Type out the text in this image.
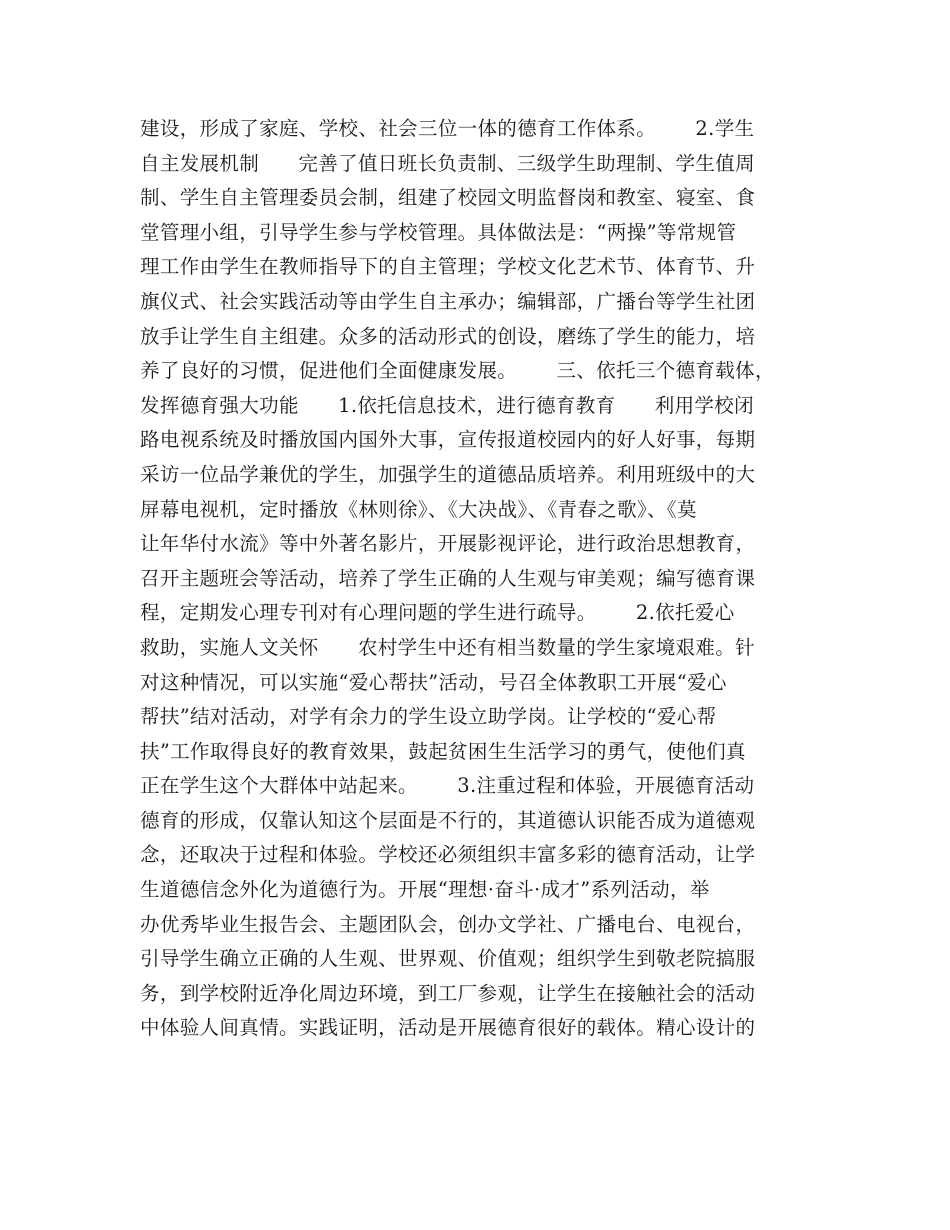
建设，形成了家庭、学校、社会三位一体的德育工作体系。      2.学生
自主发展机制      完善了值日班长负责制、三级学生助理制、学生值周
制、学生自主管理委员会制，组建了校园文明监督岗和教室、寝室、食
堂管理小组，引导学生参与学校管理。具体做法是：“两操”等常规管
理工作由学生在教师指导下的自主管理；学校文化艺术节、体育节、升
旗仪式、社会实践活动等由学生自主承办；编辑部，广播台等学生社团
放手让学生自主组建。众多的活动形式的创设，磨练了学生的能力，培
养了良好的习惯，促进他们全面健康发展。      三、依托三个德育载体，
发挥德育强大功能      1.依托信息技术，进行德育教育      利用学校闭
路电视系统及时播放国内国外大事，宣传报道校园内的好人好事，每期
采访一位品学兼优的学生，加强学生的道德品质培养。利用班级中的大
屏幕电视机，定时播放《林则徐》、《大决战》、《青春之歌》、《莫
让年华付水流》等中外著名影片，开展影视评论，进行政治思想教育，
召开主题班会等活动，培养了学生正确的人生观与审美观；编写德育课
程，定期发心理专刊对有心理问题的学生进行疏导。      2.依托爱心
救助，实施人文关怀      农村学生中还有相当数量的学生家境艰难。针
对这种情况，可以实施“爱心帮扶”活动，号召全体教职工开展“爱心
帮扶”结对活动，对学有余力的学生设立助学岗。让学校的“爱心帮
扶”工作取得良好的教育效果，鼓起贫困生生活学习的勇气，使他们真
正在学生这个大群体中站起来。      3.注重过程和体验，开展德育活动
德育的形成，仅靠认知这个层面是不行的，其道德认识能否成为道德观
念，还取决于过程和体验。学校还必须组织丰富多彩的德育活动，让学
生道德信念外化为道德行为。开展“理想·奋斗·成才”系列活动，举
办优秀毕业生报告会、主题团队会，创办文学社、广播电台、电视台，
引导学生确立正确的人生观、世界观、价值观；组织学生到敬老院搞服
务，到学校附近净化周边环境，到工厂参观，让学生在接触社会的活动
中体验人间真情。实践证明，活动是开展德育很好的载体。精心设计的
